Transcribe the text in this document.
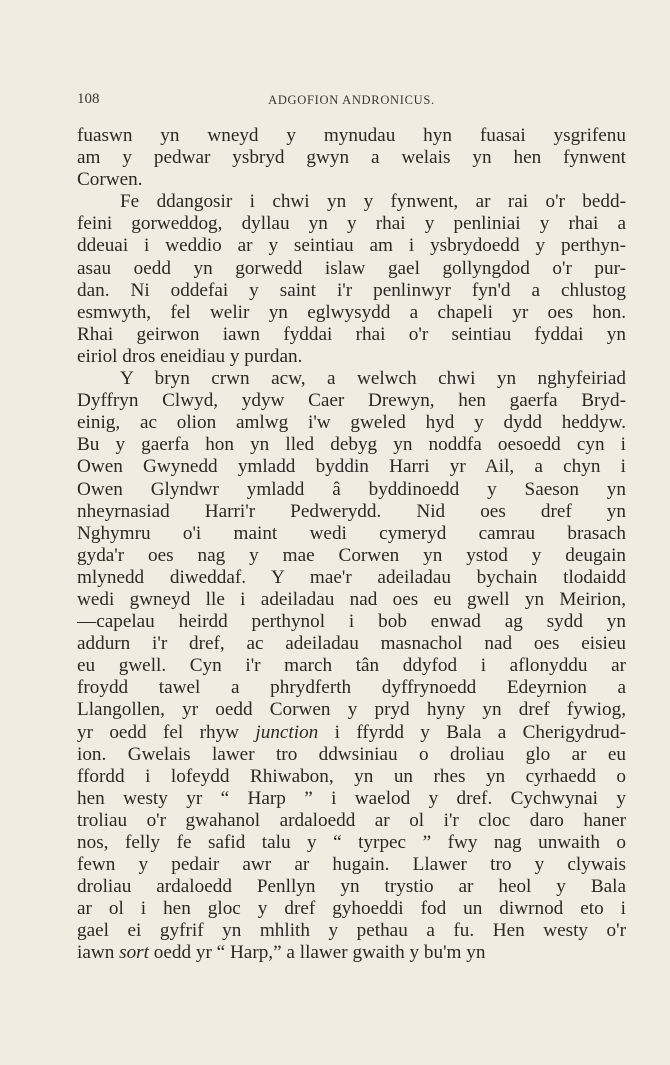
108	ADGOFION ANDRONICUS.
fuaswn yn wneyd y mynudau hyn fuasai ysgrifenu
am y pedwar ysbryd gwyn a welais yn hen fynwent
Corwen.
Fe ddangosir i chwi yn y fynwent, ar rai o'r bedd-
feini gorweddog, dyllau yn y rhai y penliniai y rhai a
ddeuai i weddio ar y seintiau am i ysbrydoedd y perthyn-
asau oedd yn gorwedd islaw gael gollyngdod o'r pur-
dan. Ni oddefai y saint i'r penlinwyr fyn'd a chlustog
esmwyth, fel welir yn eglwysydd a chapeli yr oes hon.
Rhai geirwon iawn fyddai rhai o'r seintiau fyddai yn
eiriol dros eneidiau y purdan.
Y bryn crwn acw, a welwch chwi yn nghyfeiriad
Dyffryn Clwyd, ydyw Caer Drewyn, hen gaerfa Bryd-
einig, ac olion amlwg i'w gweled hyd y dydd heddyw.
Bu y gaerfa hon yn lled debyg yn noddfa oesoedd cyn i
Owen Gwynedd ymladd byddin Harri yr Ail, a chyn i
Owen Glyndwr ymladd â byddinoedd y Saeson yn
nheyrnasiad Harri'r Pedwerydd. Nid oes dref yn
Nghymru o'i maint wedi cymeryd camrau brasach
gyda'r oes nag y mae Corwen yn ystod y deugain
mlynedd diweddaf. Y mae'r adeiladau bychain tlodaidd
wedi gwneyd lle i adeiladau nad oes eu gwell yn Meirion,
—capelau heirdd perthynol i bob enwad ag sydd yn
addurn i'r dref, ac adeiladau masnachol nad oes eisieu
eu gwell. Cyn i'r march tân ddyfod i aflonyddu ar
froydd tawel a phrydferth dyffrynoedd Edeyrnion a
Llangollen, yr oedd Corwen y pryd hyny yn dref fywiog,
yr oedd fel rhyw junction i ffyrdd y Bala a Cherigydrud-
ion. Gwelais lawer tro ddwsiniau o droliau glo ar eu
ffordd i lofeydd Rhiwabon, yn un rhes yn cyrhaedd o
hen westy yr “ Harp ” i waelod y dref. Cychwynai y
troliau o'r gwahanol ardaloedd ar ol i'r cloc daro haner
nos, felly fe safid talu y “ tyrpec ” fwy nag unwaith o
fewn y pedair awr ar hugain. Llawer tro y clywais
droliau ardaloedd Penllyn yn trystio ar heol y Bala
ar ol i hen gloc y dref gyhoeddi fod un diwrnod eto i
gael ei gyfrif yn mhlith y pethau a fu. Hen westy o'r
iawn sort oedd yr “ Harp,” a llawer gwaith y bu'm yn
